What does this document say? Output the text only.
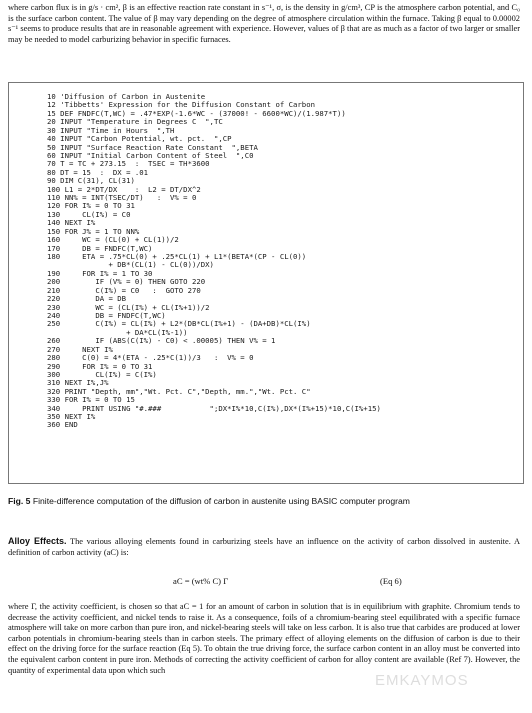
where carbon flux is in g/s · cm², β is an effective reaction rate constant in s⁻¹, σ, is the density in g/cm³, CP is the atmosphere carbon potential, and C₀ is the surface carbon content. The value of β may vary depending on the degree of atmosphere circulation within the furnace. Taking β equal to 0.00002 s⁻¹ seems to produce results that are in reasonable agreement with experience. However, values of β that are as much as a factor of two larger or smaller may be needed to model carburizing behavior in specific furnaces.

10 'Diffusion of Carbon in Austenite
12 'Tibbetts' Expression for the Diffusion Constant of Carbon
15 DEF FNDFC(T,WC) = .47*EXP(-1.6*WC - (37000! - 6600*WC)/(1.987*T))
20 INPUT "Temperature in Degrees C  ",TC
30 INPUT "Time in Hours  ",TH
40 INPUT "Carbon Potential, wt. pct.  ",CP
50 INPUT "Surface Reaction Rate Constant  ",BETA
60 INPUT "Initial Carbon Content of Steel  ",C0
70 T = TC + 273.15  :  TSEC = TH*3600
80 DT = 15  :  DX = .01
90 DIM C(31), CL(31)
100 L1 = 2*DT/DX    :  L2 = DT/DX^2
110 NN% = INT(TSEC/DT)   :  V% = 0
120 FOR I% = 0 TO 31
130     CL(I%) = C0
140 NEXT I%
150 FOR J% = 1 TO NN%
160     WC = (CL(0) + CL(1))/2
170     DB = FNDFC(T,WC)
180     ETA = .75*CL(0) + .25*CL(1) + L1*(BETA*(CP - CL(0))
+ DB*(CL(1) - CL(0))/DX)
190     FOR I% = 1 TO 30
200        IF (V% = 0) THEN GOTO 220
210        C(I%) = C0   :  GOTO 270
220        DA = DB
230        WC = (CL(I%) + CL(I%+1))/2
240        DB = FNDFC(T,WC)
250        C(I%) = CL(I%) + L2*(DB*CL(I%+1) - (DA+DB)*CL(I%)
+ DA*CL(I%-1))
260        IF (ABS(C(I%) - C0) < .00005) THEN V% = 1
270     NEXT I%
280     C(0) = 4*(ETA - .25*C(1))/3   :  V% = 0
290     FOR I% = 0 TO 31
300        CL(I%) = C(I%)
310 NEXT I%,J%
320 PRINT "Depth, mm","Wt. Pct. C","Depth, mm.","Wt. Pct. C"
330 FOR I% = 0 TO 15
340     PRINT USING "#.###           ";DX*I%*10,C(I%),DX*(I%+15)*10,C(I%+15)
350 NEXT I%
360 END

Fig. 5 Finite-difference computation of the diffusion of carbon in austenite using BASIC computer program

Alloy Effects. The various alloying elements found in carburizing steels have an influence on the activity of carbon dissolved in austenite. A definition of carbon activity (aC) is:

aC = (wt% C) Γ	(Eq 6)

where Γ, the activity coefficient, is chosen so that aC = 1 for an amount of carbon in solution that is in equilibrium with graphite. Chromium tends to decrease the activity coefficient, and nickel tends to raise it. As a consequence, foils of a chromium-bearing steel equilibrated with a specific furnace atmosphere will take on more carbon than pure iron, and nickel-bearing steels will take on less carbon. It is also true that carbides are produced at lower carbon potentials in chromium-bearing steels than in carbon steels. The primary effect of alloying elements on the diffusion of carbon is due to their effect on the driving force for the surface reaction (Eq 5). To obtain the true driving force, the surface carbon content in an alloy must be converted into the equivalent carbon content in pure iron. Methods of correcting the activity coefficient of carbon for alloy content are available (Ref 7). However, the quantity of experimental data upon which such

EMKAYMOS
